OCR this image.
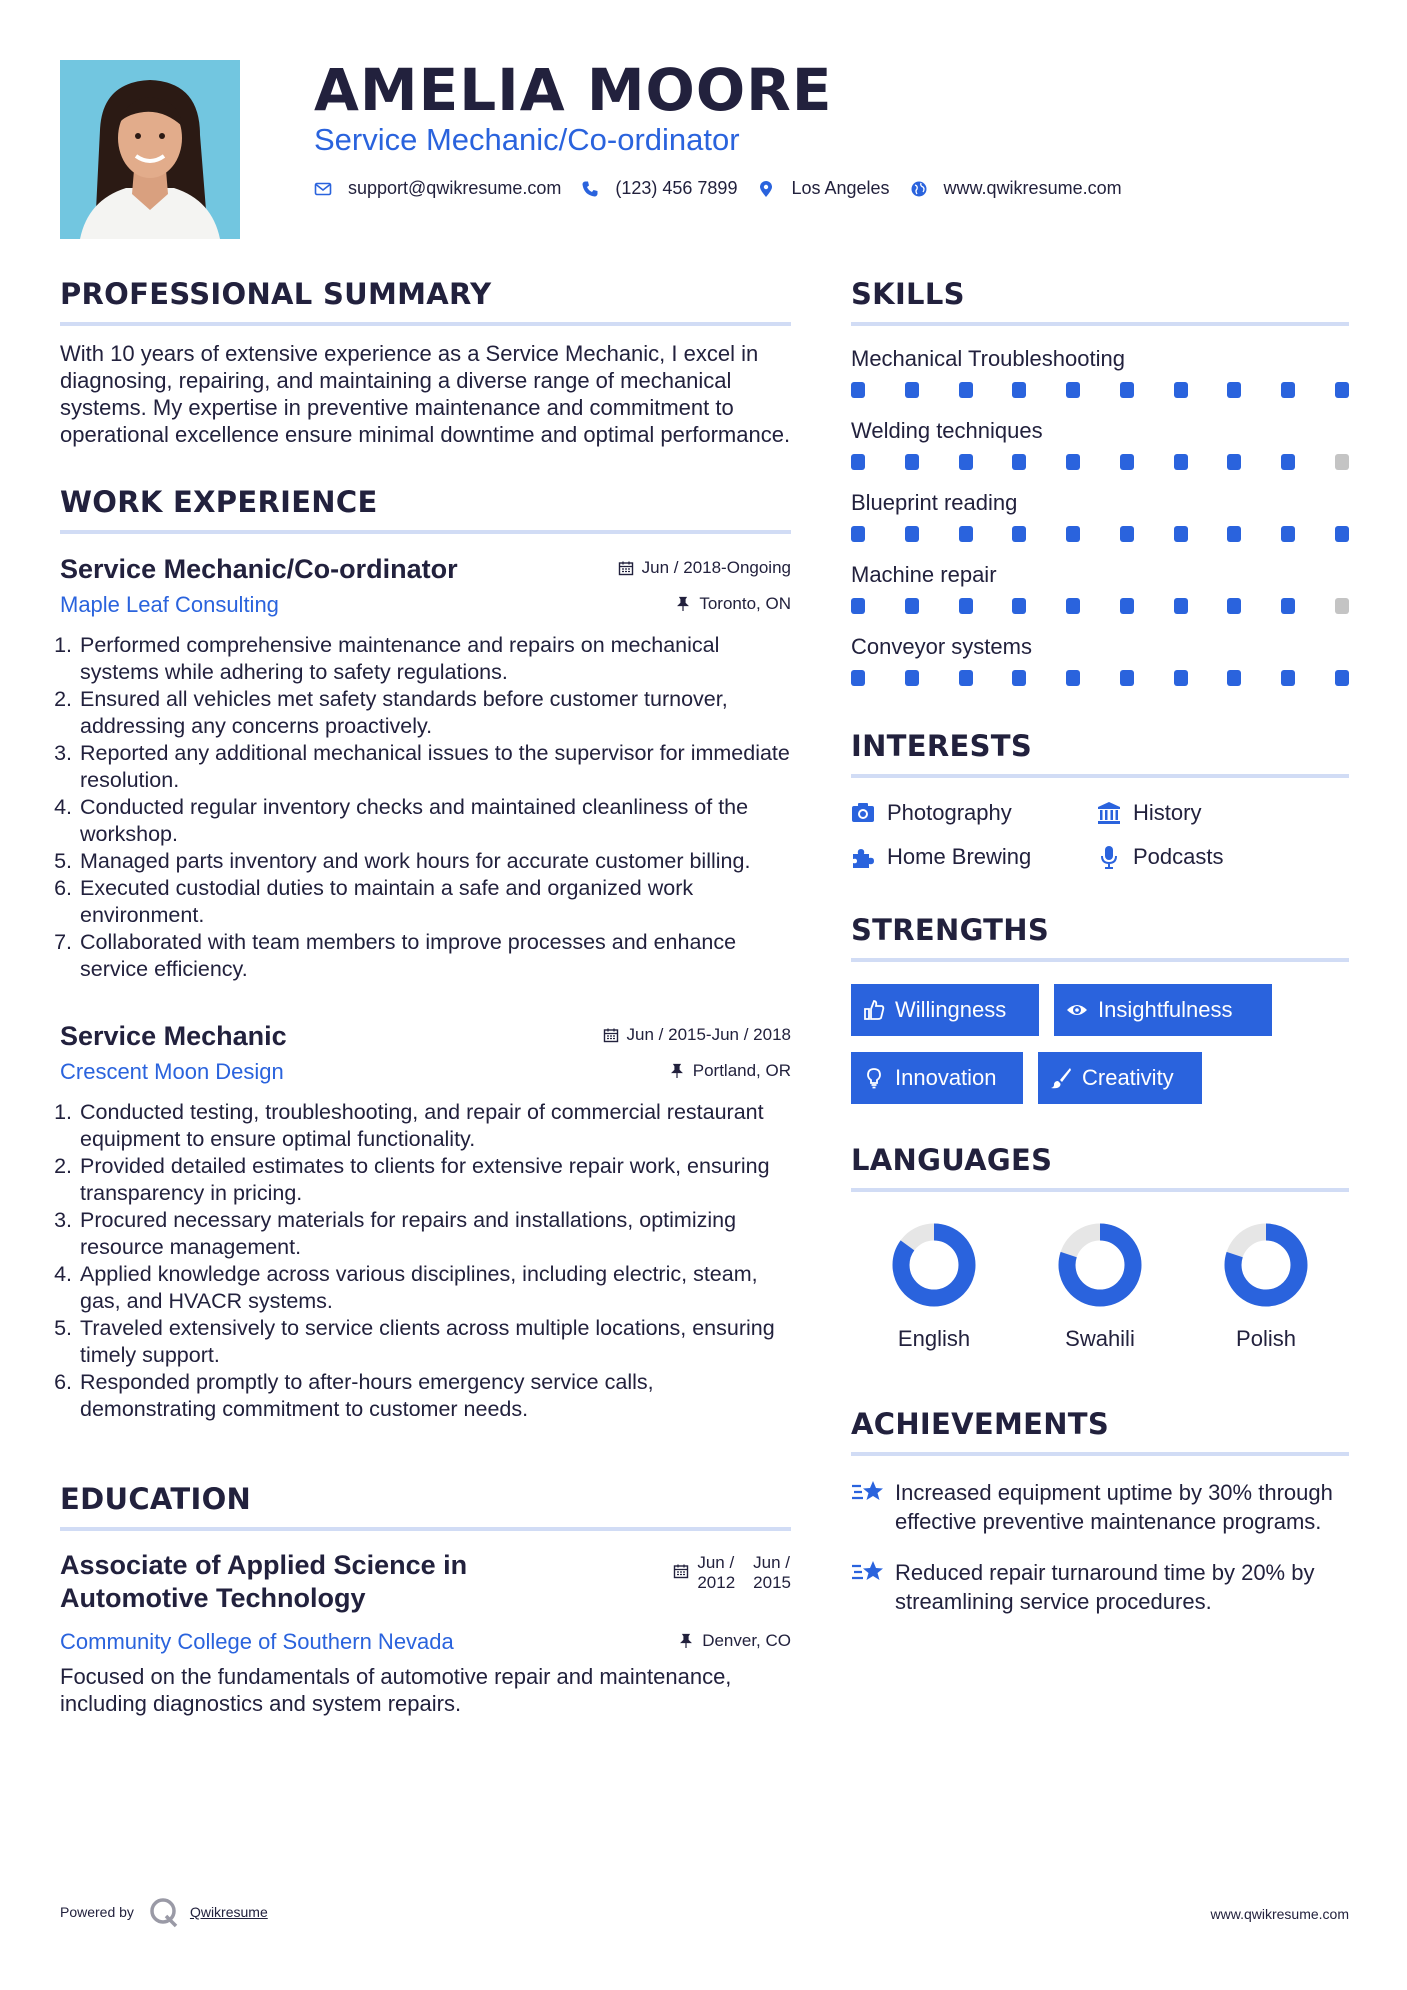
AMELIA MOORE
Service Mechanic/Co-ordinator
support@qwikresume.com	(123) 456 7899	Los Angeles	www.qwikresume.com
PROFESSIONAL SUMMARY

With 10 years of extensive experience as a Service Mechanic, I excel in diagnosing, repairing, and maintaining a diverse range of mechanical systems. My expertise in preventive maintenance and commitment to operational excellence ensure minimal downtime and optimal performance.

WORK EXPERIENCE
Service Mechanic/Co-ordinator
Maple Leaf Consulting
Jun / 2018-Ongoing
Toronto, ON
1. Performed comprehensive maintenance and repairs on mechanical systems while adhering to safety regulations.
2. Ensured all vehicles met safety standards before customer turnover, addressing any concerns proactively.
3. Reported any additional mechanical issues to the supervisor for immediate resolution.
4. Conducted regular inventory checks and maintained cleanliness of the workshop.
5. Managed parts inventory and work hours for accurate customer billing.
6. Executed custodial duties to maintain a safe and organized work environment.
7. Collaborated with team members to improve processes and enhance service efficiency.
Service Mechanic
Crescent Moon Design
Jun / 2015-Jun / 2018
Portland, OR
1. Conducted testing, troubleshooting, and repair of commercial restaurant equipment to ensure optimal functionality.
2. Provided detailed estimates to clients for extensive repair work, ensuring transparency in pricing.
3. Procured necessary materials for repairs and installations, optimizing resource management.
4. Applied knowledge across various disciplines, including electric, steam, gas, and HVACR systems.
5. Traveled extensively to service clients across multiple locations, ensuring timely support.
6. Responded promptly to after-hours emergency service calls, demonstrating commitment to customer needs.
EDUCATION
Associate of Applied Science in
Automotive Technology
Community College of Southern Nevada
Jun /
2012
Jun /
2015
Denver, CO

Focused on the fundamentals of automotive repair and maintenance, including diagnostics and system repairs.

SKILLS
Mechanical Troubleshooting
Welding techniques
Blueprint reading
Machine repair
Conveyor systems
INTERESTS
Photography	History
Home Brewing	Podcasts
STRENGTHS
Willingness	Insightfulness
Innovation	Creativity
LANGUAGES
English	Swahili	Polish
ACHIEVEMENTS
Increased equipment uptime by 30% through effective preventive maintenance programs.
Reduced repair turnaround time by 20% by streamlining service procedures.
Powered by	Qwikresume	www.qwikresume.com
